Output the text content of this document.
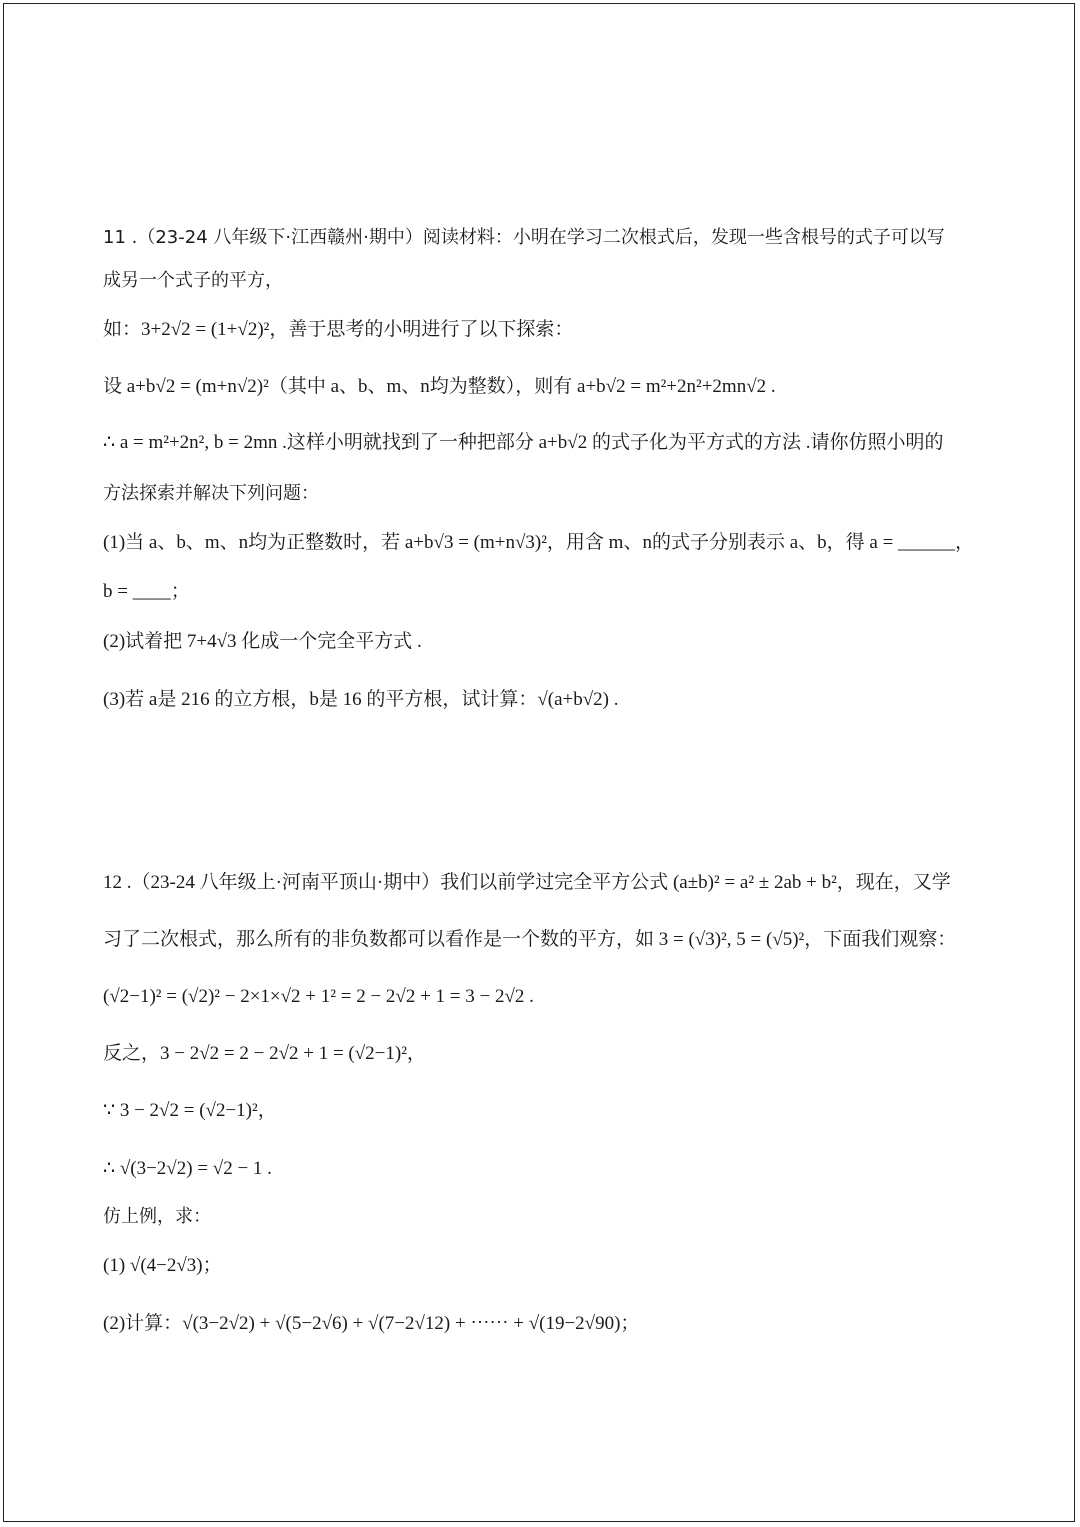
11 .（23-24 八年级下·江西赣州·期中）阅读材料：小明在学习二次根式后，发现一些含根号的式子可以写
成另一个式子的平方，
如：3+2√2 = (1+√2)²，善于思考的小明进行了以下探索：
设 a+b√2 = (m+n√2)²（其中 a、b、m、n均为整数），则有 a+b√2 = m²+2n²+2mn√2 .
∴ a = m²+2n², b = 2mn .这样小明就找到了一种把部分 a+b√2 的式子化为平方式的方法 .请你仿照小明的
方法探索并解决下列问题：
(1)当 a、b、m、n均为正整数时，若 a+b√3 = (m+n√3)²，用含 m、n的式子分别表示 a、b，得 a = ______，
b = ____；
(2)试着把 7+4√3 化成一个完全平方式 .
(3)若 a是 216 的立方根，b是 16 的平方根，试计算：√(a+b√2) .
12 .（23-24 八年级上·河南平顶山·期中）我们以前学过完全平方公式 (a±b)² = a² ± 2ab + b²，现在，又学
习了二次根式，那么所有的非负数都可以看作是一个数的平方，如 3 = (√3)², 5 = (√5)²，下面我们观察：
(√2−1)² = (√2)² − 2×1×√2 + 1² = 2 − 2√2 + 1 = 3 − 2√2 .
反之，3 − 2√2 = 2 − 2√2 + 1 = (√2−1)²，
∵ 3 − 2√2 = (√2−1)²，
∴ √(3−2√2) = √2 − 1 .
仿上例，求：
(1) √(4−2√3)；
(2)计算：√(3−2√2) + √(5−2√6) + √(7−2√12) + ⋯⋯ + √(19−2√90)；
